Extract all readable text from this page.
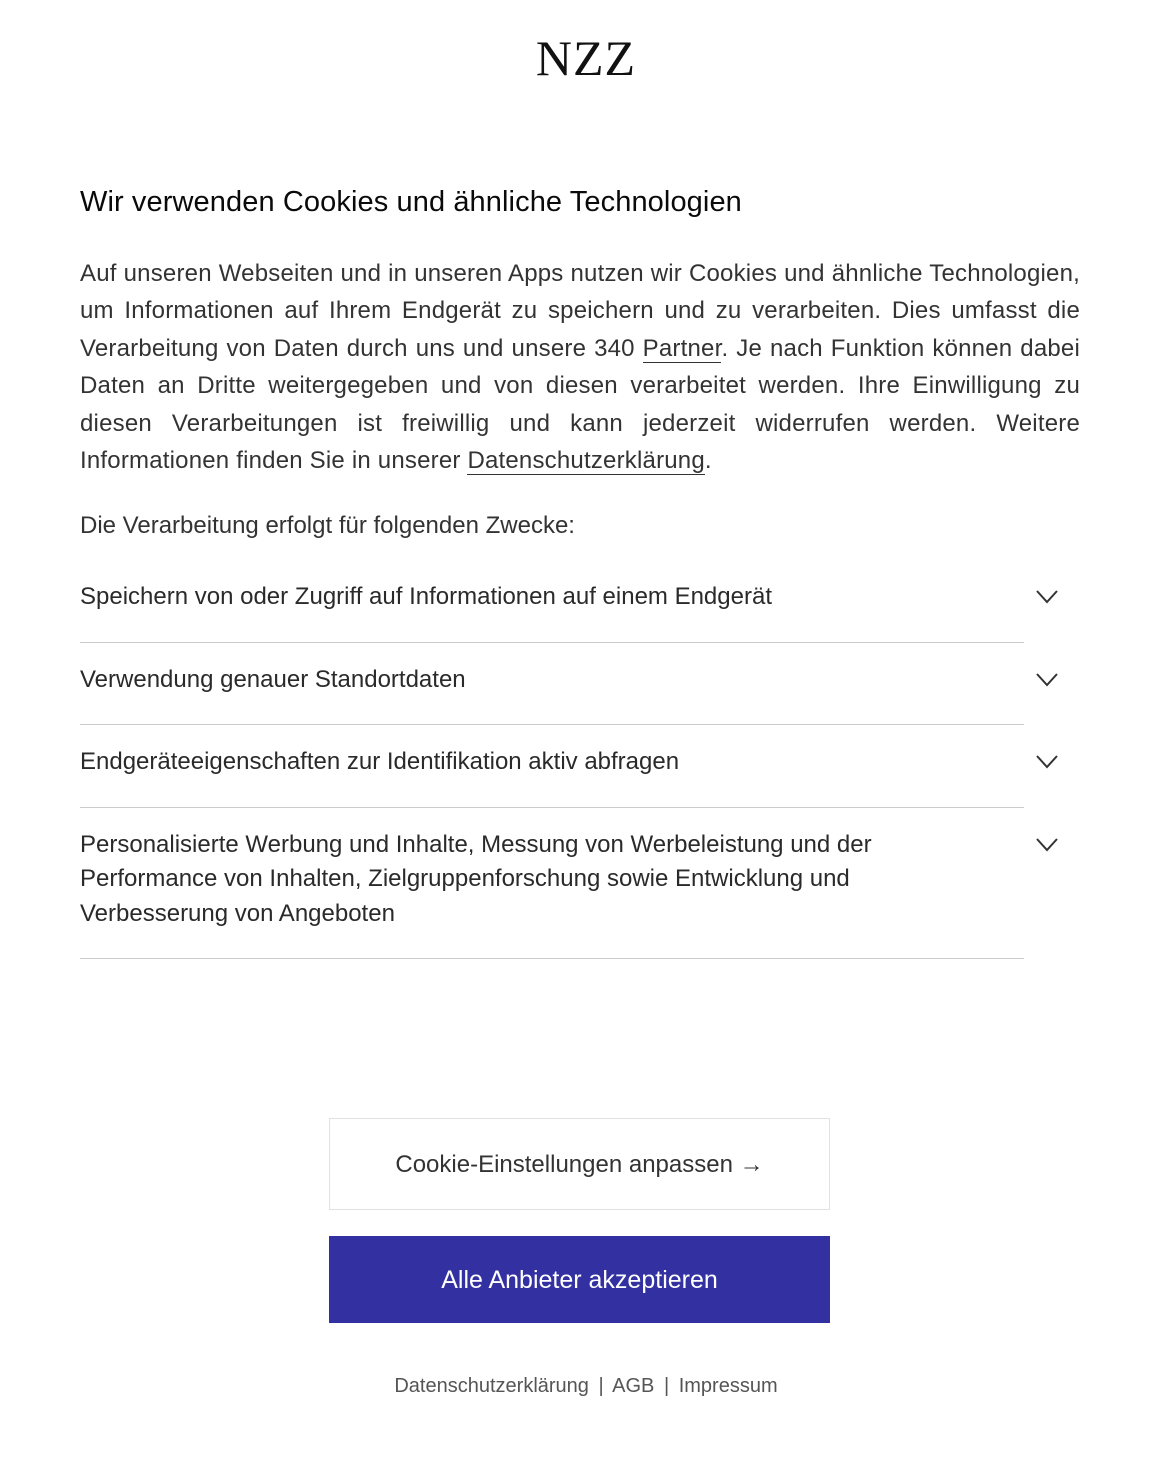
NZZ
Wir verwenden Cookies und ähnliche Technologien

Auf unseren Webseiten und in unseren Apps nutzen wir Cookies und ähnliche Technologien, um Informationen auf Ihrem Endgerät zu speichern und zu verarbeiten. Dies umfasst die Verarbeitung von Daten durch uns und unsere 340 Partner. Je nach Funktion können dabei Daten an Dritte weitergegeben und von diesen verarbeitet werden. Ihre Einwilligung zu diesen Verarbeitungen ist freiwillig und kann jederzeit widerrufen werden. Weitere Informationen finden Sie in unserer Datenschutzerklärung.

Die Verarbeitung erfolgt für folgenden Zwecke:

Speichern von oder Zugriff auf Informationen auf einem Endgerät
Verwendung genauer Standortdaten
Endgeräteeigenschaften zur Identifikation aktiv abfragen
Personalisierte Werbung und Inhalte, Messung von Werbeleistung und der Performance von Inhalten, Zielgruppenforschung sowie Entwicklung und Verbesserung von Angeboten
Cookie-Einstellungen anpassen →
Alle Anbieter akzeptieren
Datenschutzerklärung | AGB | Impressum
